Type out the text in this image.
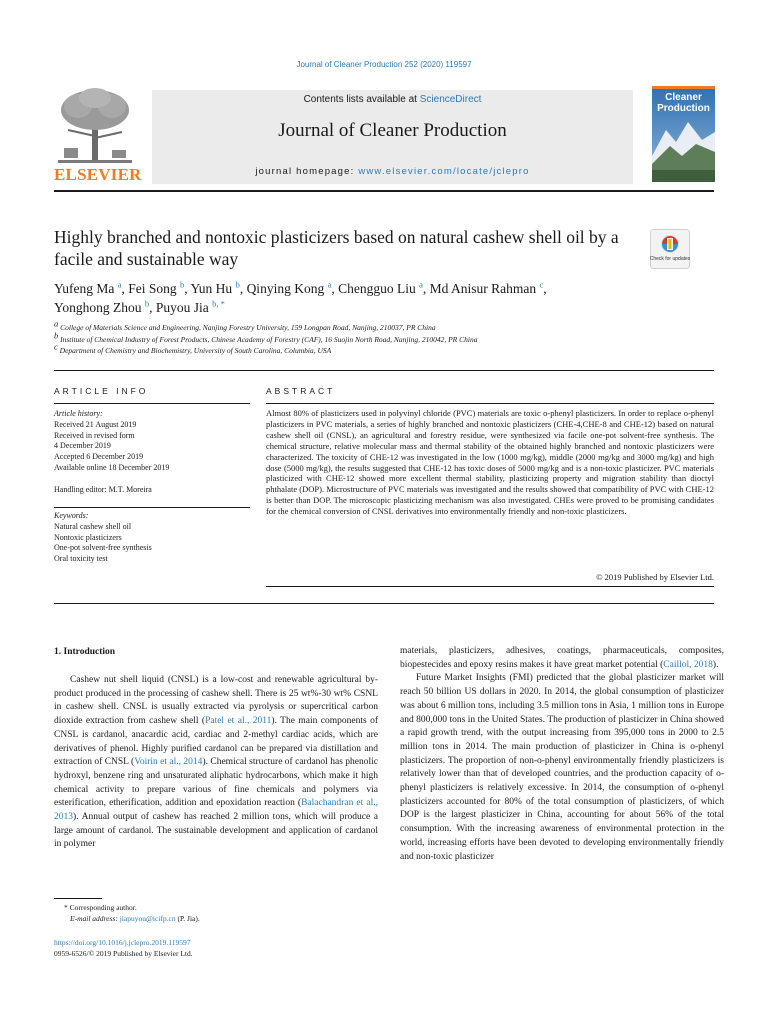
Journal of Cleaner Production 252 (2020) 119597
ELSEVIER
Contents lists available at ScienceDirect
Journal of Cleaner Production
journal homepage: www.elsevier.com/locate/jclepro
Cleaner
Production
Highly branched and nontoxic plasticizers based on natural cashew shell oil by a facile and sustainable way	Check for updates
Yufeng Ma $^a$, Fei Song $^b$, Yun Hu $^b$, Qinying Kong $^a$, Chengguo Liu $^a$, Md Anisur Rahman $^c$,
Yonghong Zhou $^b$, Puyou Jia $^{b, *}$
a College of Materials Science and Engineering, Nanjing Forestry University, 159 Longpan Road, Nanjing, 210037, PR China
b Institute of Chemical Industry of Forest Products, Chinese Academy of Forestry (CAF), 16 Suojin North Road, Nanjing, 210042, PR China
c Department of Chemistry and Biochemistry, University of South Carolina, Columbia, USA
ARTICLE INFO	ABSTRACT
Article history:
Received 21 August 2019
Received in revised form
4 December 2019
Accepted 6 December 2019
Available online 18 December 2019
Handling editor: M.T. Moreira
Keywords:
Natural cashew shell oil
Nontoxic plasticizers
One-pot solvent-free synthesis
Oral toxicity test
Almost 80% of plasticizers used in polyvinyl chloride (PVC) materials are toxic o-phenyl plasticizers. In order to replace o-phenyl plasticizers in PVC materials, a series of highly branched and nontoxic plasticizers (CHE-4,CHE-8 and CHE-12) based on natural cashew shell oil (CNSL), an agricultural and forestry residue, were synthesized via facile one-pot solvent-free synthesis. The chemical structure, relative molecular mass and thermal stability of the obtained highly branched and nontoxic plasticizers were characterized. The toxicity of CHE-12 was investigated in the low (1000 mg/kg), middle (2000 mg/kg and 3000 mg/kg) and high dose (5000 mg/kg), the results suggested that CHE-12 has toxic doses of 5000 mg/kg and is a non-toxic plasticizer. PVC materials plasticized with CHE-12 showed more excellent thermal stability, plasticizing property and migration stability than dioctyl phthalate (DOP). Microstructure of PVC materials was investigated and the results showed that compatibility of PVC with CHE-12 is better than DOP. The microscopic plasticizing mechanism was also investigated. CHEs were proved to be promising candidates for the chemical conversion of CNSL derivatives into environmentally friendly and non-toxic plasticizers.
© 2019 Published by Elsevier Ltd.
1. Introduction

Cashew nut shell liquid (CNSL) is a low-cost and renewable agricultural by-product produced in the processing of cashew shell. There is 25 wt%-30 wt% CSNL in cashew shell. CNSL is usually extracted via pyrolysis or supercritical carbon dioxide extraction from cashew shell (Patel et al., 2011). The main components of CNSL is cardanol, anacardic acid, cardiac and 2-methyl cardiac acids, which are derivatives of phenol. Highly purified cardanol can be prepared via distillation and extraction of CNSL (Voirin et al., 2014). Chemical structure of cardanol has phenolic hydroxyl, benzene ring and unsaturated aliphatic hydrocarbons, which make it high chemical activity to prepare various of fine chemicals and polymers via esterification, etherification, addition and epoxidation reaction (Balachandran et al., 2013). Annual output of cashew has reached 2 million tons, which will produce a large amount of cardanol. The sustainable development and application of cardanol in polymer

materials, plasticizers, adhesives, coatings, pharmaceuticals, composites, biopestecides and epoxy resins makes it have great market potential (Caillol, 2018).

Future Market Insights (FMI) predicted that the global plasticizer market will reach 50 billion US dollars in 2020. In 2014, the global consumption of plasticizer was about 6 million tons, including 3.5 million tons in Asia, 1 million tons in Europe and 800,000 tons in the United States. The production of plasticizer in China showed a rapid growth trend, with the output increasing from 395,000 tons in 2000 to 2.5 million tons in 2014. The main production of plasticizer in China is o-phenyl plasticizers. The proportion of non-o-phenyl environmentally friendly plasticizers is relatively lower than that of developed countries, and the production capacity of o-phenyl plasticizers is relatively excessive. In 2014, the consumption of o-phenyl plasticizers accounted for 80% of the total consumption of plasticizers, of which DOP is the largest plasticizer in China, accounting for about 56% of the total consumption. With the increasing awareness of environmental protection in the world, increasing efforts have been devoted to developing environmentally friendly and non-toxic plasticizer

* Corresponding author.
E-mail address: jiapuyou@icifp.cn (P. Jia).
https://doi.org/10.1016/j.jclepro.2019.119597
0959-6526/© 2019 Published by Elsevier Ltd.
